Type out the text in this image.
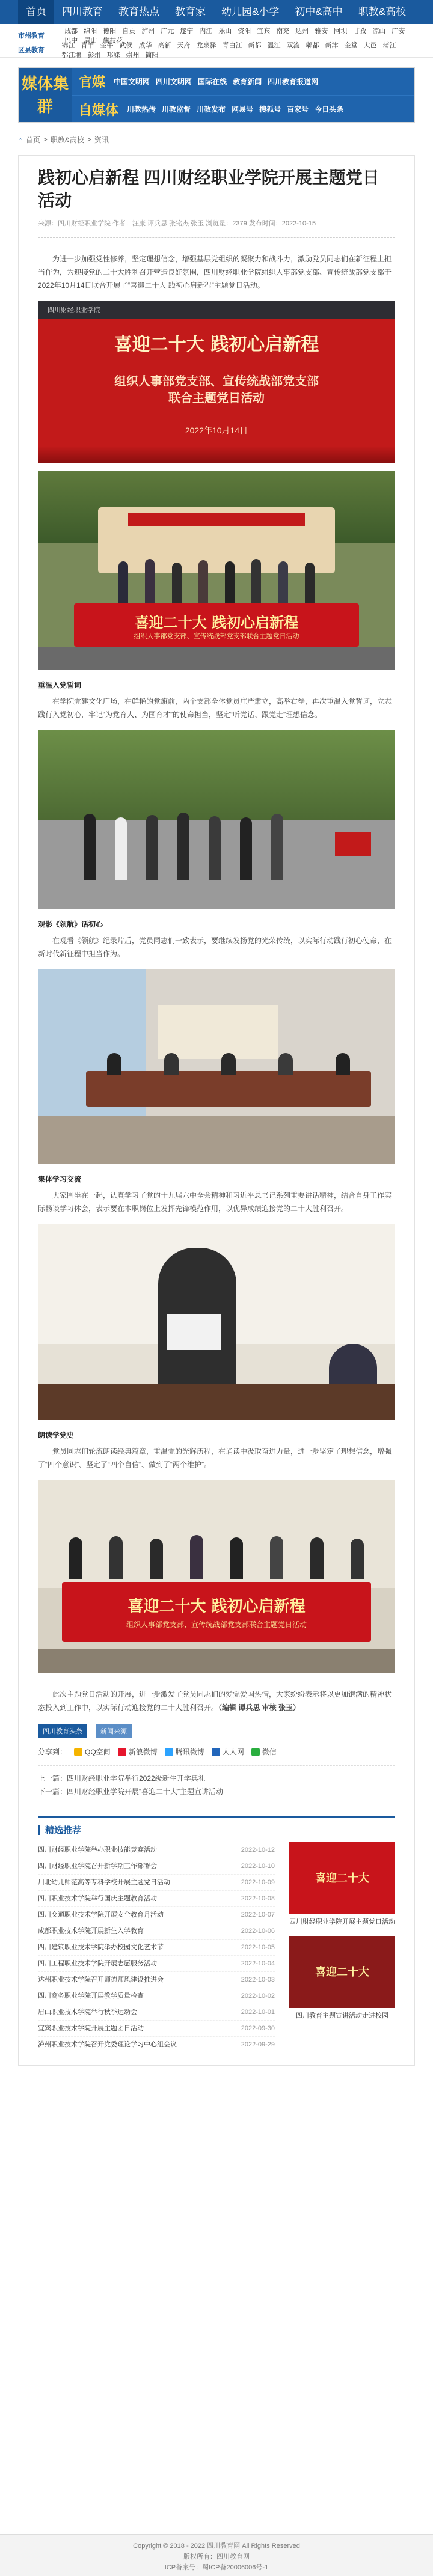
首页	四川教育	教育热点	教育家	幼儿园&小学	初中&高中	职教&高校
市州教育
成都 绵阳 德阳 自贡 泸州 广元 遂宁 内江 乐山 资阳 宜宾 南充 达州 雅安 阿坝 甘孜 凉山 广安巴中 眉山 攀枝花
区县教育
锦江 青羊 金牛 武侯 成华 高新 天府 龙泉驿 青白江 新都 温江 双流 郫都 新津 金堂 大邑 蒲江都江堰 彭州 邛崃 崇州 简阳
媒体集群
官媒 中国文明网 四川文明网 国际在线 教育新闻 四川教育报道网
自媒体 川教热传 川教监督 川教发布 网易号 搜狐号 百家号 今日头条
⌂ 首页 > 职教&高校 > 资讯
践初心启新程 四川财经职业学院开展主题党日活动
来源：四川财经职业学院 作者：汪康 谭兵思 张铭杰 张玉 浏览量：2379 发布时间：2022-10-15
为进一步加强党性修养，坚定理想信念，增强基层党组织的凝聚力和战斗力，激励党员同志们在新征程上担当作为，为迎接党的二十大胜利召开营造良好氛围，四川财经职业学院组织人事部党支部、宣传统战部党支部于2022年10月14日联合开展了“喜迎二十大 践初心启新程”主题党日活动。
四川财经职业学院
喜迎二十大 践初心启新程
组织人事部党支部、宣传统战部党支部
联合主题党日活动
2022年10月14日
喜迎二十大 践初心启新程
组织人事部党支部、宣传统战部党支部联合主题党日活动
重温入党誓词
在学院党建文化广场，在鲜艳的党旗前，两个支部全体党员庄严肃立，高举右拳，再次重温入党誓词，立志践行入党初心，牢记“为党育人、为国育才”的使命担当，坚定“听党话、跟党走”理想信念。
观影《领航》话初心
在观看《领航》纪录片后，党员同志们一致表示，要继续发扬党的光荣传统，以实际行动践行初心使命，在新时代新征程中担当作为。
集体学习交流
大家围坐在一起，认真学习了党的十九届六中全会精神和习近平总书记系列重要讲话精神，结合自身工作实际畅谈学习体会，表示要在本职岗位上发挥先锋模范作用，以优异成绩迎接党的二十大胜利召开。
朗读学党史
党员同志们轮流朗读经典篇章，重温党的光辉历程，在诵读中汲取奋进力量，进一步坚定了理想信念，增强了“四个意识”、坚定了“四个自信”、做到了“两个维护”。
喜迎二十大 践初心启新程
组织人事部党支部、宣传统战部党支部联合主题党日活动
此次主题党日活动的开展，进一步激发了党员同志们的爱党爱国热情，大家纷纷表示将以更加饱满的精神状态投入到工作中，以实际行动迎接党的二十大胜利召开。（编辑 谭兵思 审核 张玉）
四川教育头条	新闻来源
分享到：	QQ空间	新浪微博	腾讯微博	人人网	微信
上一篇：四川财经职业学院举行2022级新生开学典礼
下一篇：四川财经职业学院开展“喜迎二十大”主题宣讲活动
精选推荐
四川财经职业学院举办职业技能竞赛活动	2022-10-12
四川财经职业学院召开新学期工作部署会	2022-10-10
川北幼儿师范高等专科学校开展主题党日活动	2022-10-09
四川职业技术学院举行国庆主题教育活动	2022-10-08
四川交通职业技术学院开展安全教育月活动	2022-10-07
成都职业技术学院开展新生入学教育	2022-10-06
四川建筑职业技术学院举办校园文化艺术节	2022-10-05
四川工程职业技术学院开展志愿服务活动	2022-10-04
达州职业技术学院召开师德师风建设推进会	2022-10-03
四川商务职业学院开展教学质量检查	2022-10-02
眉山职业技术学院举行秋季运动会	2022-10-01
宜宾职业技术学院开展主题团日活动	2022-09-30
泸州职业技术学院召开党委理论学习中心组会议	2022-09-29
喜迎二十大
四川财经职业学院开展主题党日活动
喜迎二十大
四川教育主题宣讲活动走进校园
Copyright © 2018 - 2022 四川教育网 All Rights Reserved
版权所有：四川教育网
ICP备案号：蜀ICP备20006006号-1
